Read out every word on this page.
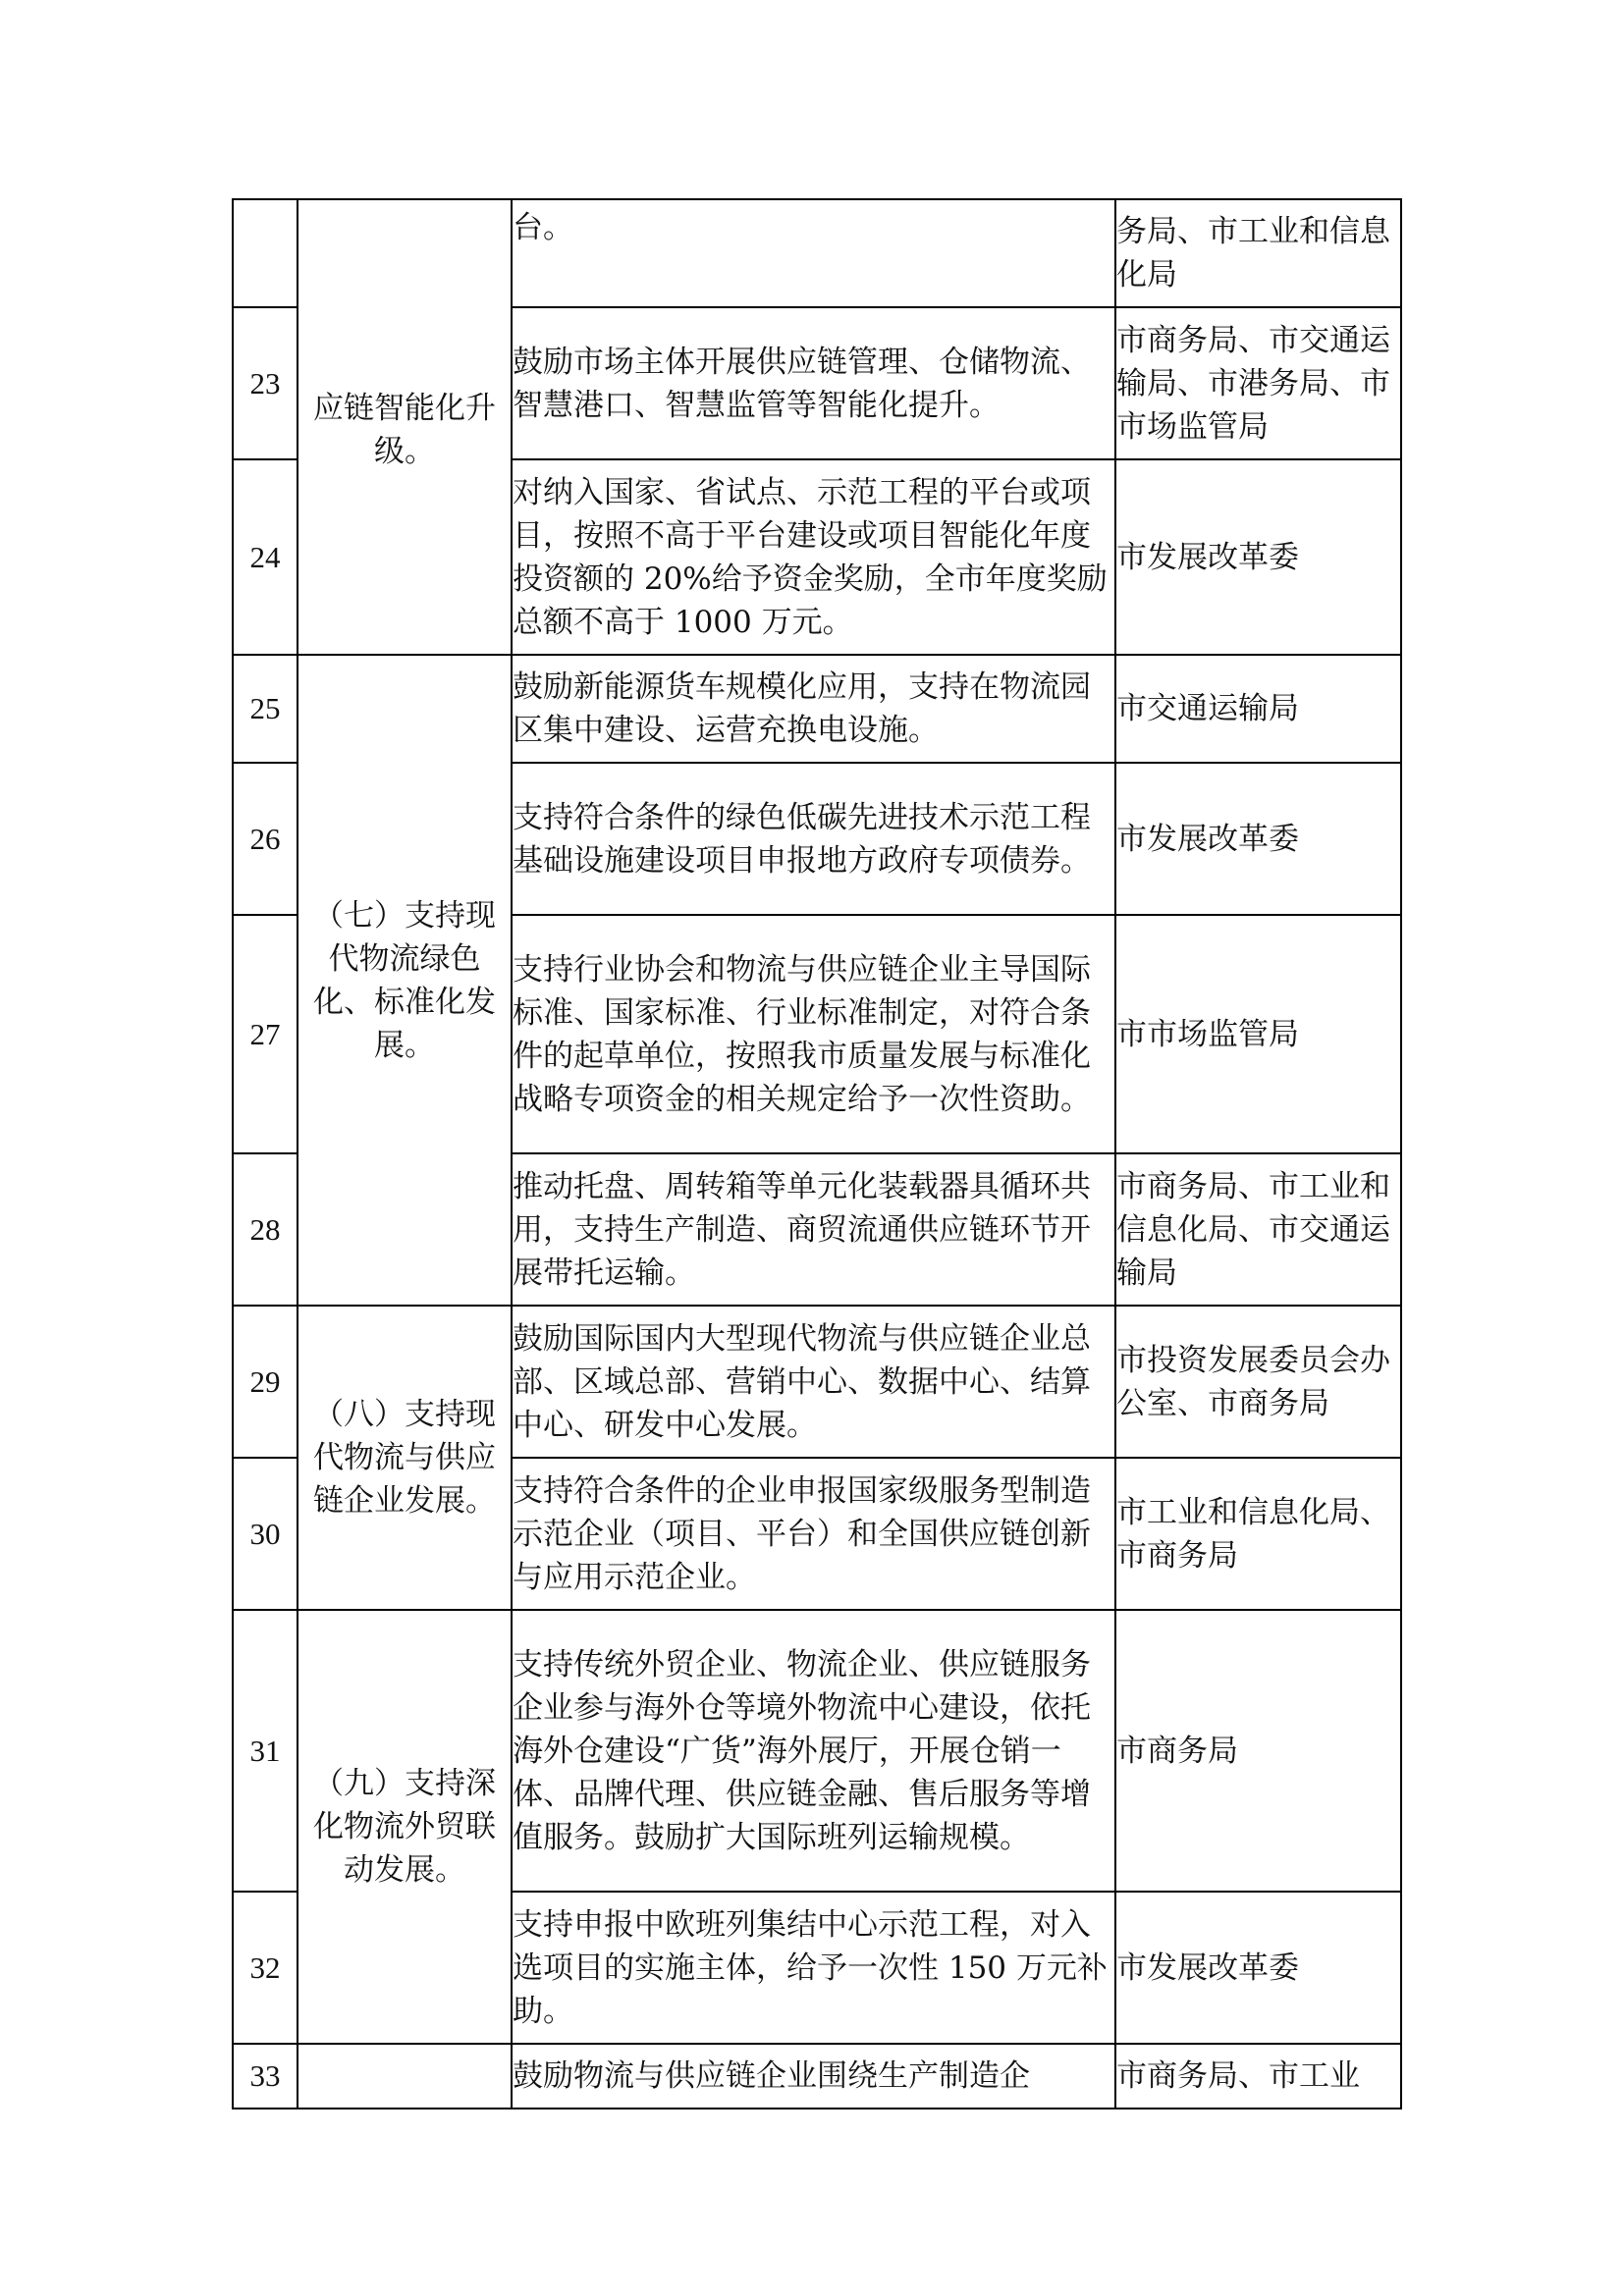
	应链智能化升级。	台。	务局、市工业和信息化局
23		鼓励市场主体开展供应链管理、仓储物流、智慧港口、智慧监管等智能化提升。	市商务局、市交通运输局、市港务局、市市场监管局
24		对纳入国家、省试点、示范工程的平台或项目，按照不高于平台建设或项目智能化年度投资额的 20%给予资金奖励，全市年度奖励总额不高于 1000 万元。	市发展改革委
25	（七）支持现代物流绿色化、标准化发展。	鼓励新能源货车规模化应用，支持在物流园区集中建设、运营充换电设施。	市交通运输局
26		支持符合条件的绿色低碳先进技术示范工程基础设施建设项目申报地方政府专项债券。	市发展改革委
27		支持行业协会和物流与供应链企业主导国际标准、国家标准、行业标准制定，对符合条件的起草单位，按照我市质量发展与标准化战略专项资金的相关规定给予一次性资助。	市市场监管局
28		推动托盘、周转箱等单元化装载器具循环共用，支持生产制造、商贸流通供应链环节开展带托运输。	市商务局、市工业和信息化局、市交通运输局
29	（八）支持现代物流与供应链企业发展。	鼓励国际国内大型现代物流与供应链企业总部、区域总部、营销中心、数据中心、结算中心、研发中心发展。	市投资发展委员会办公室、市商务局
30		支持符合条件的企业申报国家级服务型制造示范企业（项目、平台）和全国供应链创新与应用示范企业。	市工业和信息化局、市商务局
31	（九）支持深化物流外贸联动发展。	支持传统外贸企业、物流企业、供应链服务企业参与海外仓等境外物流中心建设，依托海外仓建设“广货”海外展厅，开展仓销一体、品牌代理、供应链金融、售后服务等增值服务。鼓励扩大国际班列运输规模。	市商务局
32		支持申报中欧班列集结中心示范工程，对入选项目的实施主体，给予一次性 150 万元补助。	市发展改革委
33		鼓励物流与供应链企业围绕生产制造企	市商务局、市工业
